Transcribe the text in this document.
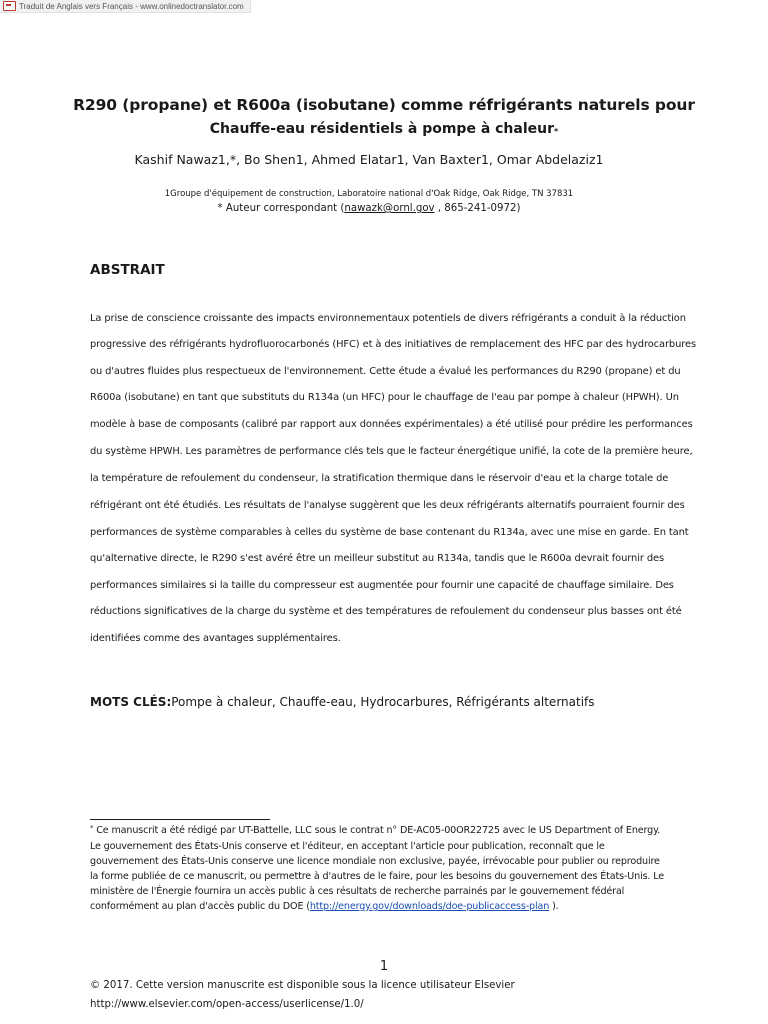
Traduit de Anglais vers Français - www.onlinedoctranslator.com
R290 (propane) et R600a (isobutane) comme réfrigérants naturels pour
Chauffe-eau résidentiels à pompe à chaleur*
Kashif Nawaz1,*, Bo Shen1, Ahmed Elatar1, Van Baxter1, Omar Abdelaziz1
1Groupe d'équipement de construction, Laboratoire national d'Oak Ridge, Oak Ridge, TN 37831
* Auteur correspondant (nawazk@ornl.gov , 865-241-0972)
ABSTRAIT
La prise de conscience croissante des impacts environnementaux potentiels de divers réfrigérants a conduit à la réduction
progressive des réfrigérants hydrofluorocarbonés (HFC) et à des initiatives de remplacement des HFC par des hydrocarbures
ou d'autres fluides plus respectueux de l'environnement. Cette étude a évalué les performances du R290 (propane) et du
R600a (isobutane) en tant que substituts du R134a (un HFC) pour le chauffage de l'eau par pompe à chaleur (HPWH). Un
modèle à base de composants (calibré par rapport aux données expérimentales) a été utilisé pour prédire les performances
du système HPWH. Les paramètres de performance clés tels que le facteur énergétique unifié, la cote de la première heure,
la température de refoulement du condenseur, la stratification thermique dans le réservoir d'eau et la charge totale de
réfrigérant ont été étudiés. Les résultats de l'analyse suggèrent que les deux réfrigérants alternatifs pourraient fournir des
performances de système comparables à celles du système de base contenant du R134a, avec une mise en garde. En tant
qu'alternative directe, le R290 s'est avéré être un meilleur substitut au R134a, tandis que le R600a devrait fournir des
performances similaires si la taille du compresseur est augmentée pour fournir une capacité de chauffage similaire. Des
réductions significatives de la charge du système et des températures de refoulement du condenseur plus basses ont été
identifiées comme des avantages supplémentaires.
MOTS CLÉS:Pompe à chaleur, Chauffe-eau, Hydrocarbures, Réfrigérants alternatifs
* Ce manuscrit a été rédigé par UT-Battelle, LLC sous le contrat n° DE-AC05-00OR22725 avec le US Department of Energy.
Le gouvernement des États-Unis conserve et l'éditeur, en acceptant l'article pour publication, reconnaît que le
gouvernement des États-Unis conserve une licence mondiale non exclusive, payée, irrévocable pour publier ou reproduire
la forme publiée de ce manuscrit, ou permettre à d'autres de le faire, pour les besoins du gouvernement des États-Unis. Le
ministère de l'Énergie fournira un accès public à ces résultats de recherche parrainés par le gouvernement fédéral
conformément au plan d'accès public du DOE (http://energy.gov/downloads/doe-publicaccess-plan ).
1
© 2017. Cette version manuscrite est disponible sous la licence utilisateur Elsevier
http://www.elsevier.com/open-access/userlicense/1.0/
